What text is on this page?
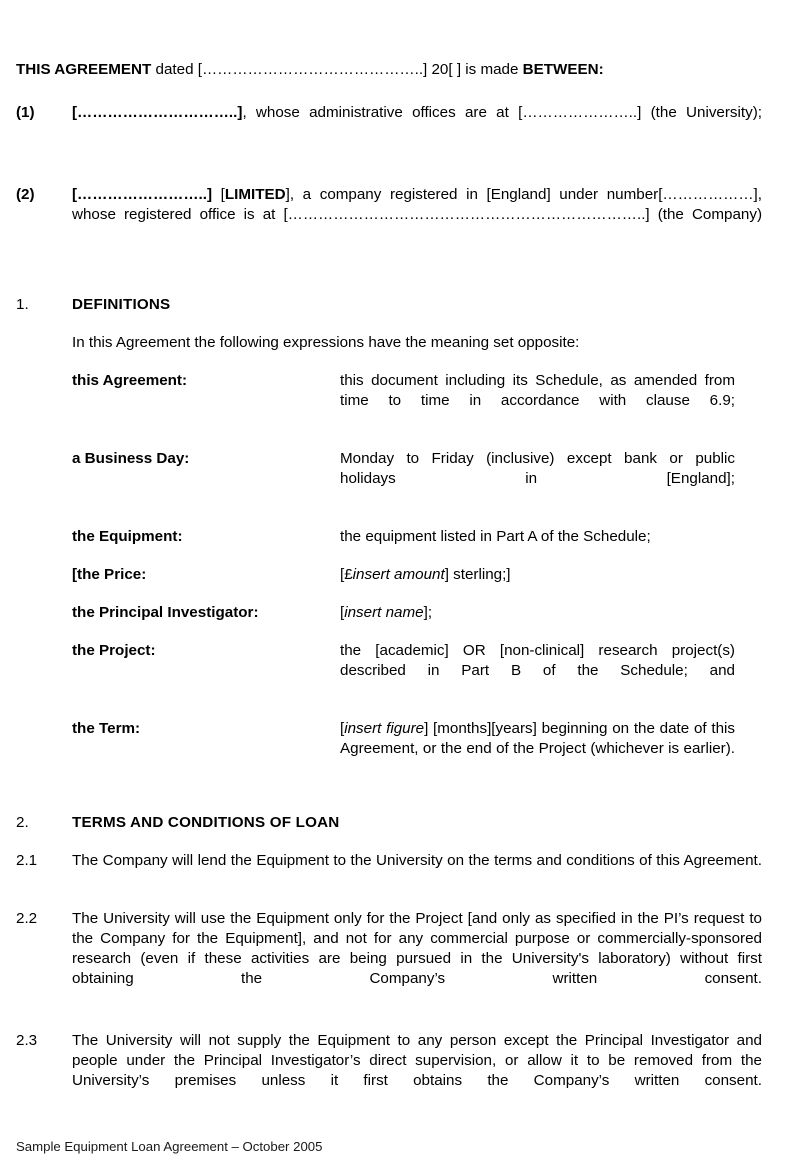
THIS AGREEMENT dated [……………………………………..] 20[ ] is made BETWEEN:

(1)	[…………………………..], whose administrative offices are at […………………..] (the University);
(2)	[……………………..] [LIMITED], a company registered in [England] under number[………………], whose registered office is at [……………………………………………………………..] (the Company)
1.	DEFINITIONS

In this Agreement the following expressions have the meaning set opposite:

this Agreement:	this document including its Schedule, as amended from time to time in accordance with clause 6.9;
a Business Day:	Monday to Friday (inclusive) except bank or public holidays in [England];
the Equipment:	the equipment listed in Part A of the Schedule;
[the Price:	[£insert amount] sterling;]
the Principal Investigator:	[insert name];
the Project:	the [academic] OR [non-clinical] research project(s) described in Part B of the Schedule; and
the Term:	[insert figure] [months][years] beginning on the date of this Agreement, or the end of the Project (whichever is earlier).
2.	TERMS AND CONDITIONS OF LOAN
2.1	The Company will lend the Equipment to the University on the terms and conditions of this Agreement.
2.2	The University will use the Equipment only for the Project [and only as specified in the PI’s request to the Company for the Equipment], and not for any commercial purpose or commercially-sponsored research (even if these activities are being pursued in the University's laboratory) without first obtaining the Company’s written consent.
2.3	The University will not supply the Equipment to any person except the Principal Investigator and people under the Principal Investigator’s direct supervision, or allow it to be removed from the University’s premises unless it first obtains the Company’s written consent.
Sample Equipment Loan Agreement – October 2005
